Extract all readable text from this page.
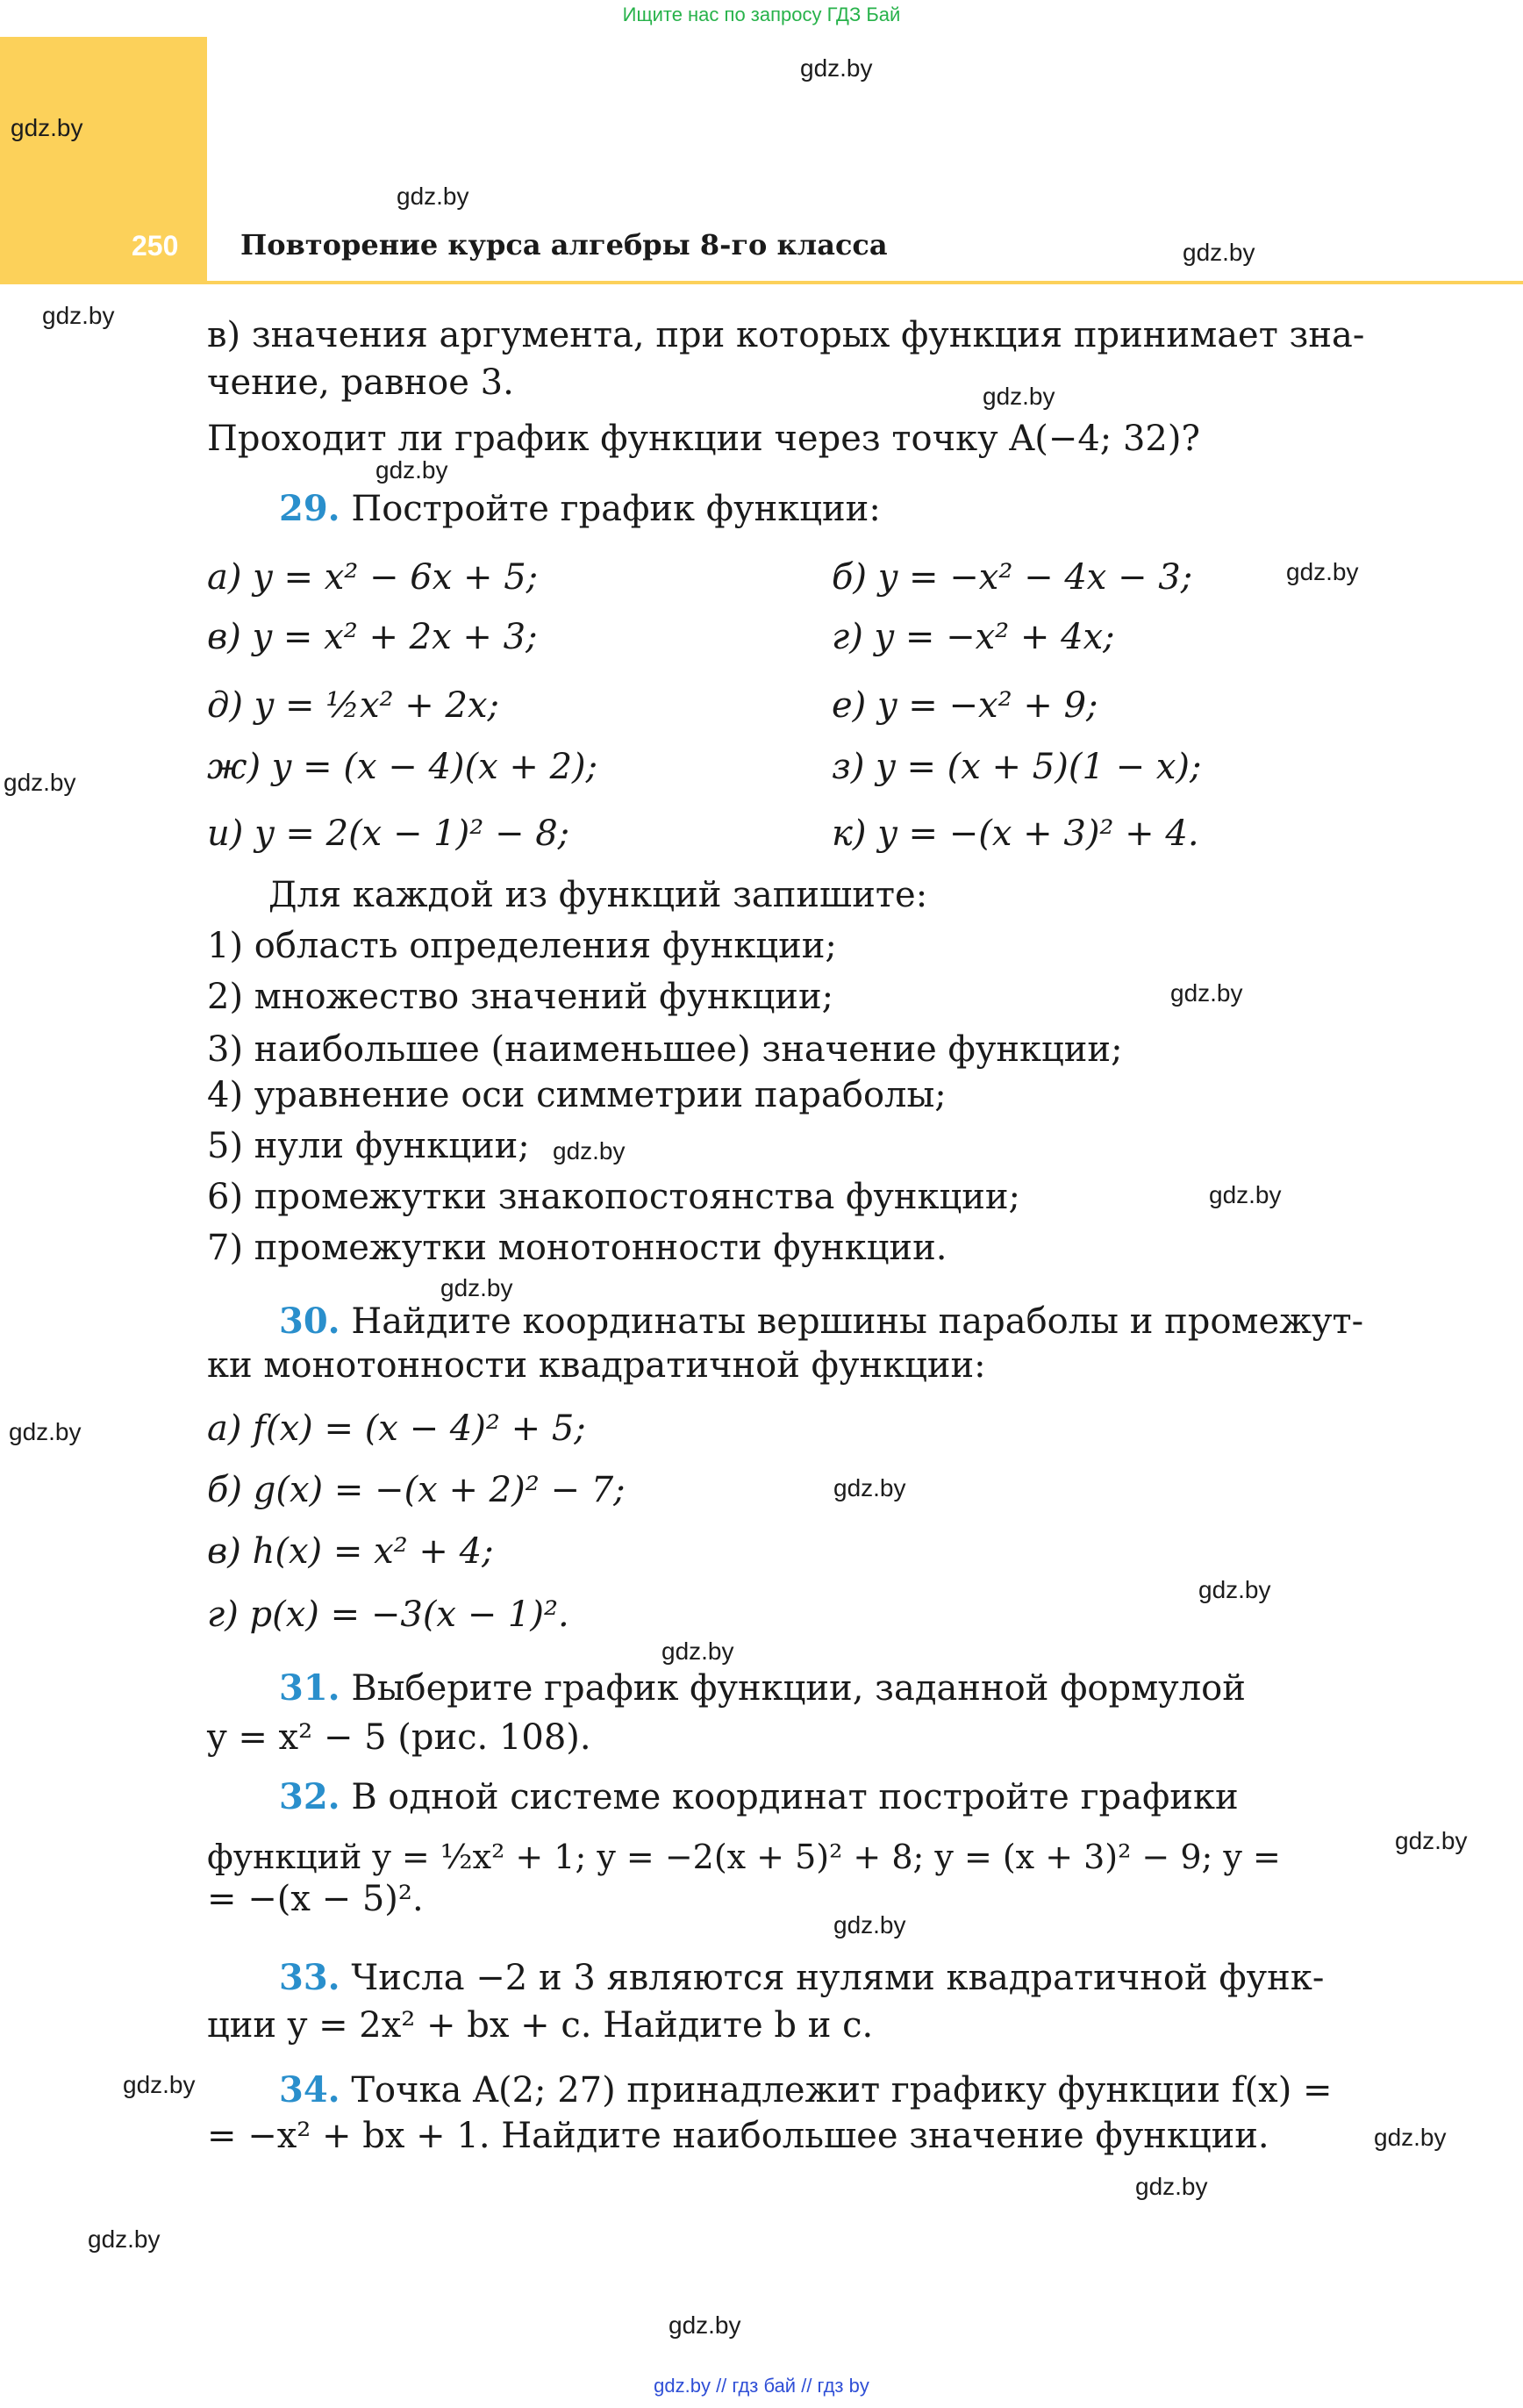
Ищите нас по запросу ГДЗ Бай
250 Повторение курса алгебры 8-го класса
gdz.by
gdz.by
gdz.by
gdz.by
gdz.by
gdz.by
gdz.by
gdz.by
gdz.by
gdz.by
gdz.by
gdz.by
gdz.by
gdz.by
gdz.by
gdz.by
gdz.by
gdz.by
gdz.by
gdz.by
gdz.by
gdz.by
gdz.by
gdz.by
в) значения аргумента, при которых функция принимает зна-
чение, равное 3.
Проходит ли график функции через точку A(−4; 32)?
29. Постройте график функции:
а) y = x² − 6x + 5;	б) y = −x² − 4x − 3;
в) y = x² + 2x + 3;	г) y = −x² + 4x;
д) y = ½x² + 2x;	е) y = −x² + 9;
ж) y = (x − 4)(x + 2);	з) y = (x + 5)(1 − x);
и) y = 2(x − 1)² − 8;	к) y = −(x + 3)² + 4.
Для каждой из функций запишите:
1) область определения функции;
2) множество значений функции;
3) наибольшее (наименьшее) значение функции;
4) уравнение оси симметрии параболы;
5) нули функции;
6) промежутки знакопостоянства функции;
7) промежутки монотонности функции.
30. Найдите координаты вершины параболы и промежут-
ки монотонности квадратичной функции:
а) f(x) = (x − 4)² + 5;
б) g(x) = −(x + 2)² − 7;
в) h(x) = x² + 4;
г) p(x) = −3(x − 1)².
31. Выберите график функции, заданной формулой
y = x² − 5 (рис. 108).
32. В одной системе координат постройте графики
функций y = ½x² + 1; y = −2(x + 5)² + 8; y = (x + 3)² − 9; y =
= −(x − 5)².
33. Числа −2 и 3 являются нулями квадратичной функ-
ции y = 2x² + bx + c. Найдите b и c.
34. Точка A(2; 27) принадлежит графику функции f(x) =
= −x² + bx + 1. Найдите наибольшее значение функции.
gdz.by // гдз бай // гдз by
